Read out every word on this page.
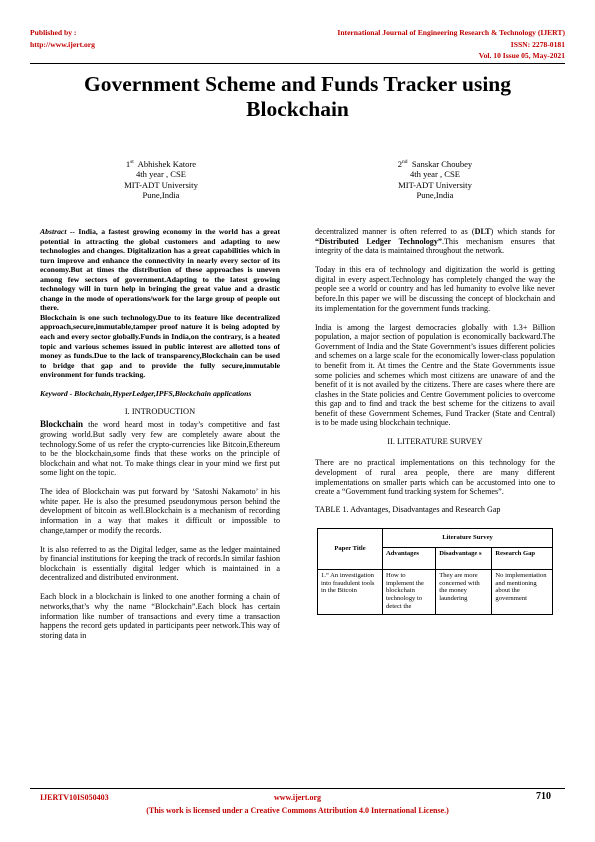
Published by :
http://www.ijert.org
International Journal of Engineering Research & Technology (IJERT)
ISSN: 2278-0181
Vol. 10 Issue 05, May-2021
Government Scheme and Funds Tracker using
Blockchain
1st Abhishek Katore
4th year , CSE
MIT-ADT University
Pune,India
2nd Sanskar Choubey
4th year , CSE
MIT-ADT University
Pune,India

Abstract -- India, a fastest growing economy in the world has a great potential in attracting the global customers and adapting to new technologies and changes. Digitalization has a great capabilities which in turn improve and enhance the connectivity in nearly every sector of its economy.But at times the distribution of these approaches is uneven among few sectors of government.Adapting to the latest growing technology will in turn help in bringing the great value and a drastic change in the mode of operations/work for the large group of people out there.

Blockchain is one such technology.Due to its feature like decentralized approach,secure,immutable,tamper proof nature it is being adopted by each and every sector globally.Funds in India,on the contrary, is a heated topic and various schemes issued in public interest are allotted tons of money as funds.Due to the lack of transparency,Blockchain can be used to bridge that gap and to provide the fully secure,immutable environment for funds tracking.

Keyword - Blockchain,HyperLedger,IPFS,Blockchain applications
I. INTRODUCTION

Blockchain the word heard most in today’s competitive and fast growing world.But sadly very few are completely aware about the technology.Some of us refer the crypto-currencies like Bitcoin,Ethereum to be the blockchain,some finds that these works on the principle of blockchain and what not. To make things clear in your mind we first put some light on the topic.

The idea of Blockchain was put forward by ‘Satoshi Nakamoto’ in his white paper. He is also the presumed pseudonymous person behind the development of bitcoin as well.Blockchain is a mechanism of recording information in a way that makes it difficult or impossible to change,tamper or modify the records.

It is also referred to as the Digital ledger, same as the ledger maintained by financial institutions for keeping the track of records.In similar fashion blockchain is essentially digital ledger which is maintained in a decentralized and distributed environment.

Each block in a blockchain is linked to one another forming a chain of networks,that’s why the name “Blockchain”.Each block has certain information like number of transactions and every time a transaction happens the record gets updated in participants peer network.This way of storing data in

decentralized manner is often referred to as (DLT) which stands for “Distributed Ledger Technology”.This mechanism ensures that integrity of the data is maintained throughout the network.

Today in this era of technology and digitization the world is getting digital in every aspect.Technology has completely changed the way the people see a world or country and has led humanity to evolve like never before.In this paper we will be discussing the concept of blockchain and its implementation for the government funds tracking.

India is among the largest democracies globally with 1.3+ Billion population, a major section of population is economically backward.The Government of India and the State Government’s issues different policies and schemes on a large scale for the economically lower-class population to benefit from it. At times the Centre and the State Governments issue some policies and schemes which most citizens are unaware of and the benefit of it is not availed by the citizens. There are cases where there are clashes in the State policies and Centre Government policies to overcome this gap and to find and track the best scheme for the citizens to avail benefit of these Government Schemes, Fund Tracker (State and Central) is to be made using blockchain technique.

II. LITERATURE SURVEY

There are no practical implementations on this technology for the development of rural area people, there are many different implementations on smaller parts which can be accustomed into one to create a “Government fund tracking system for Schemes”.

TABLE 1. Advantages, Disadvantages and Research Gap
Paper Title	Literature Survey		
	Advantages	Disadvantage s	Research Gap
1.“ An investigation into fraudulent tools in the Bitcoin	How to implement the blockchain technology to detect the	They are more concerned with the money laundering	No implementation and mentioning about the government
IJERTV10IS050403	www.ijert.org	710
(This work is licensed under a Creative Commons Attribution 4.0 International License.)
